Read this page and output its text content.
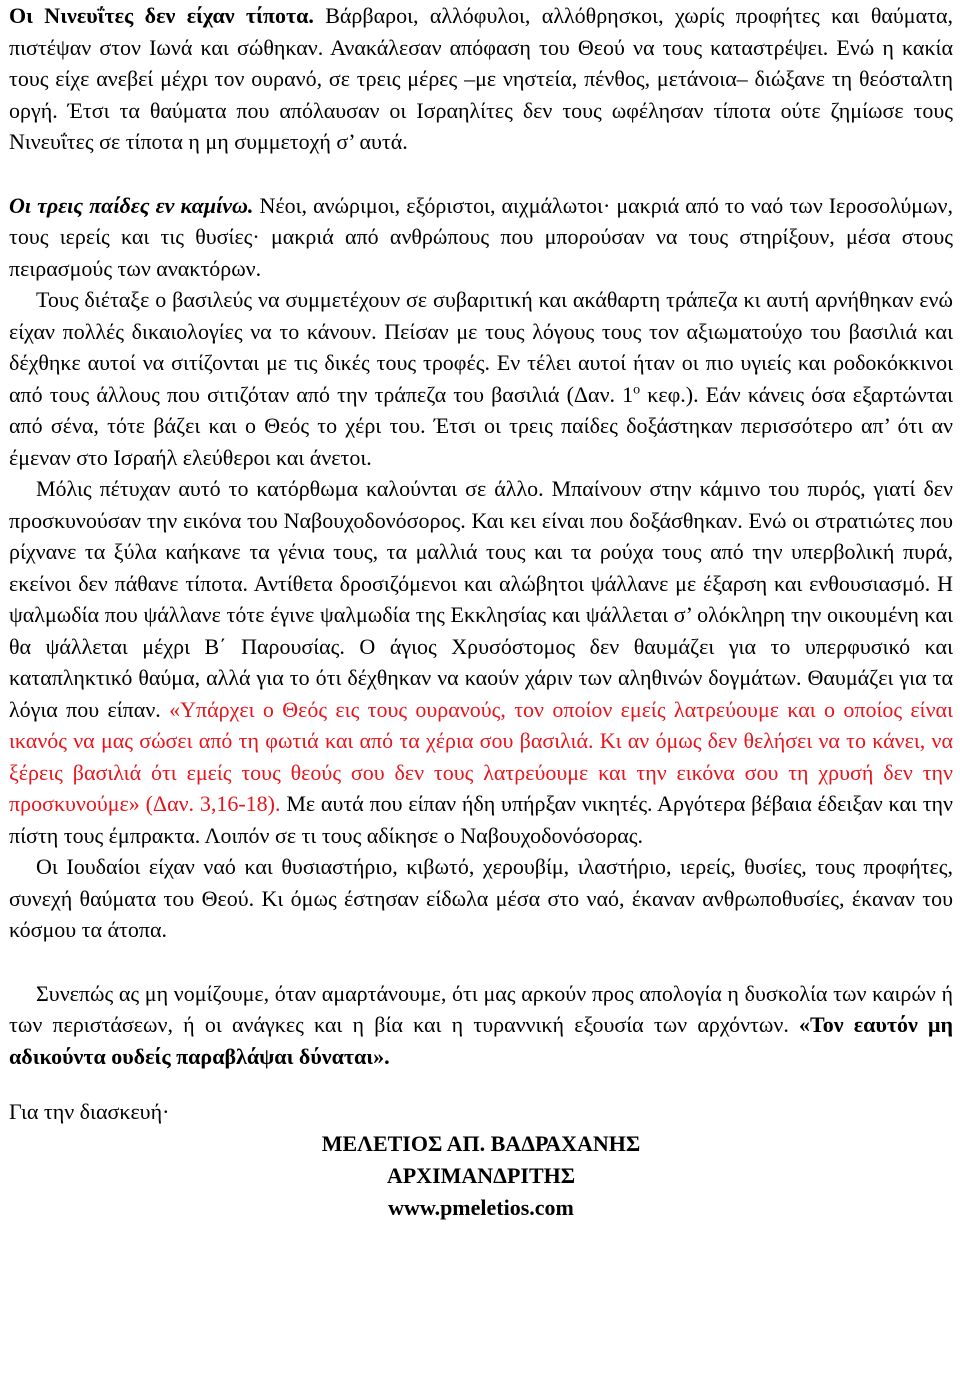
Οι Νινευΐτες δεν είχαν τίποτα. Βάρβαροι, αλλόφυλοι, αλλόθρησκοι, χωρίς προφήτες και θαύματα, πιστέψαν στον Ιωνά και σώθηκαν. Ανακάλεσαν απόφαση του Θεού να τους καταστρέψει. Ενώ η κακία τους είχε ανεβεί μέχρι τον ουρανό, σε τρεις μέρες –με νηστεία, πένθος, μετάνοια– διώξανε τη θεόσταλτη οργή. Έτσι τα θαύματα που απόλαυσαν οι Ισραηλίτες δεν τους ωφέλησαν τίποτα ούτε ζημίωσε τους Νινευΐτες σε τίποτα η μη συμμετοχή σ’ αυτά.

Οι τρεις παίδες εν καμίνω. Νέοι, ανώριμοι, εξόριστοι, αιχμάλωτοι· μακριά από το ναό των Ιεροσολύμων, τους ιερείς και τις θυσίες· μακριά από ανθρώπους που μπορούσαν να τους στηρίξουν, μέσα στους πειρασμούς των ανακτόρων.

Τους διέταξε ο βασιλεύς να συμμετέχουν σε συβαριτική και ακάθαρτη τράπεζα κι αυτή αρνήθηκαν ενώ είχαν πολλές δικαιολογίες να το κάνουν. Πείσαν με τους λόγους τους τον αξιωματούχο του βασιλιά και δέχθηκε αυτοί να σιτίζονται με τις δικές τους τροφές. Εν τέλει αυτοί ήταν οι πιο υγιείς και ροδοκόκκινοι από τους άλλους που σιτιζόταν από την τράπεζα του βασιλιά (Δαν. $1^o$ κεφ.). Εάν κάνεις όσα εξαρτώνται από σένα, τότε βάζει και ο Θεός το χέρι του. Έτσι οι τρεις παίδες δοξάστηκαν περισσότερο απ’ ότι αν έμεναν στο Ισραήλ ελεύθεροι και άνετοι.

Μόλις πέτυχαν αυτό το κατόρθωμα καλούνται σε άλλο. Μπαίνουν στην κάμινο του πυρός, γιατί δεν προσκυνούσαν την εικόνα του Ναβουχοδονόσορος. Και κει είναι που δοξάσθηκαν. Ενώ οι στρατιώτες που ρίχνανε τα ξύλα καήκανε τα γένια τους, τα μαλλιά τους και τα ρούχα τους από την υπερβολική πυρά, εκείνοι δεν πάθανε τίποτα. Αντίθετα δροσιζόμενοι και αλώβητοι ψάλλανε με έξαρση και ενθουσιασμό. Η ψαλμωδία που ψάλλανε τότε έγινε ψαλμωδία της Εκκλησίας και ψάλλεται σ’ ολόκληρη την οικουμένη και θα ψάλλεται μέχρι Β΄ Παρουσίας. Ο άγιος Χρυσόστομος δεν θαυμάζει για το υπερφυσικό και καταπληκτικό θαύμα, αλλά για το ότι δέχθηκαν να καούν χάριν των αληθινών δογμάτων. Θαυμάζει για τα λόγια που είπαν. «Υπάρχει ο Θεός εις τους ουρανούς, τον οποίον εμείς λατρεύουμε και ο οποίος είναι ικανός να μας σώσει από τη φωτιά και από τα χέρια σου βασιλιά. Κι αν όμως δεν θελήσει να το κάνει, να ξέρεις βασιλιά ότι εμείς τους θεούς σου δεν τους λατρεύουμε και την εικόνα σου τη χρυσή δεν την προσκυνούμε» (Δαν. 3,16-18). Με αυτά που είπαν ήδη υπήρξαν νικητές. Αργότερα βέβαια έδειξαν και την πίστη τους έμπρακτα. Λοιπόν σε τι τους αδίκησε ο Ναβουχοδονόσορας.

Οι Ιουδαίοι είχαν ναό και θυσιαστήριο, κιβωτό, χερουβίμ, ιλαστήριο, ιερείς, θυσίες, τους προφήτες, συνεχή θαύματα του Θεού. Κι όμως έστησαν είδωλα μέσα στο ναό, έκαναν ανθρωποθυσίες, έκαναν του κόσμου τα άτοπα.

Συνεπώς ας μη νομίζουμε, όταν αμαρτάνουμε, ότι μας αρκούν προς απολογία η δυσκολία των καιρών ή των περιστάσεων, ή οι ανάγκες και η βία και η τυραννική εξουσία των αρχόντων. «Τον εαυτόν μη αδικούντα ουδείς παραβλάψαι δύναται».

Για την διασκευή·

ΜΕΛΕΤΙΟΣ ΑΠ. ΒΑΔΡΑΧΑΝΗΣ
ΑΡΧΙΜΑΝΔΡΙΤΗΣ
www.pmeletios.com
